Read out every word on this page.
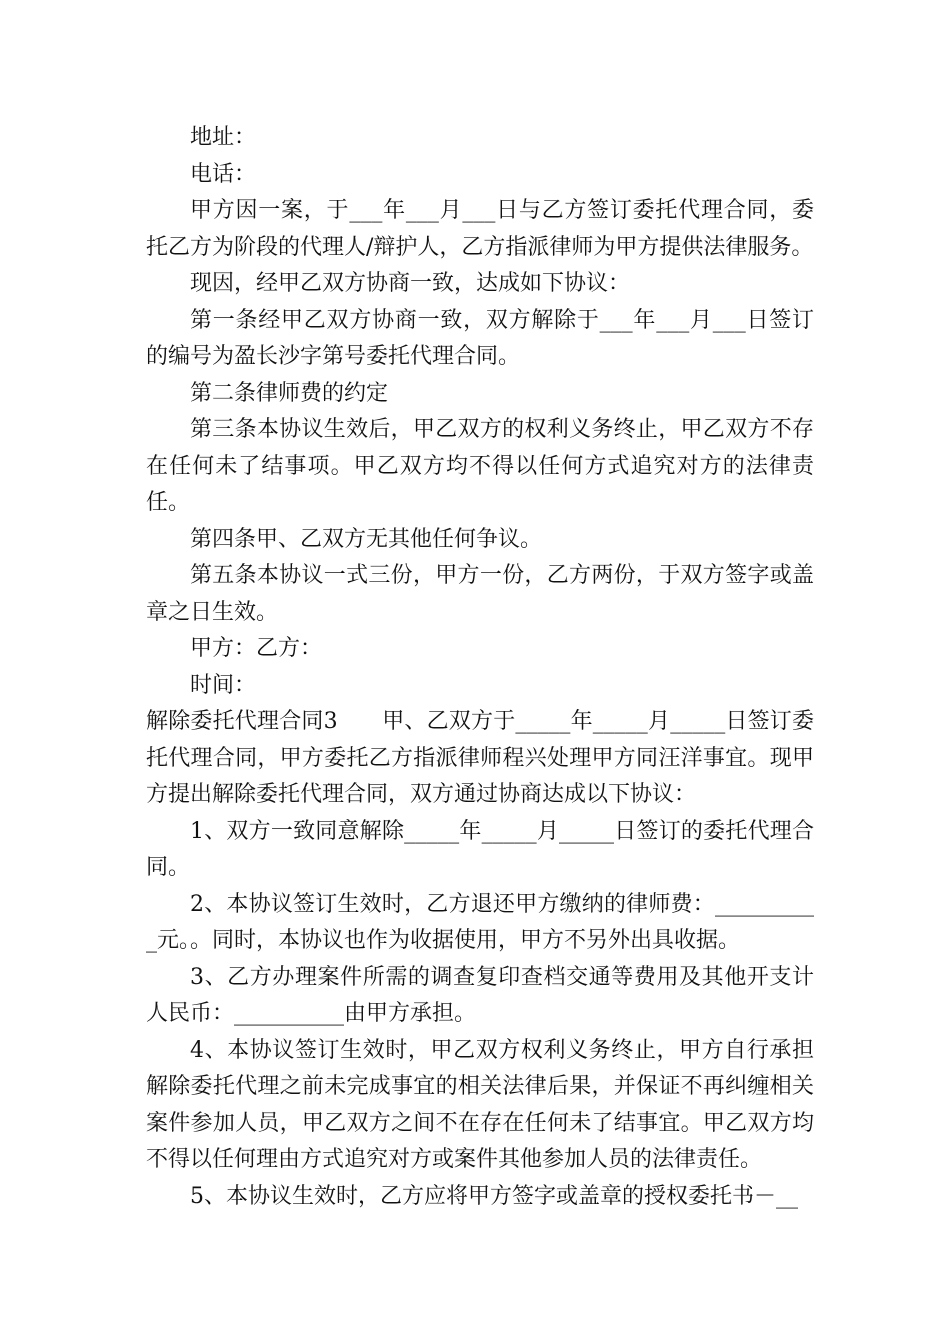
地址：

电话：

甲方因一案，于___年___月___日与乙方签订委托代理合同，委托乙方为阶段的代理人/辩护人，乙方指派律师为甲方提供法律服务。

现因，经甲乙双方协商一致，达成如下协议：

第一条经甲乙双方协商一致，双方解除于___年___月___日签订的编号为盈长沙字第号委托代理合同。

第二条律师费的约定

第三条本协议生效后，甲乙双方的权利义务终止，甲乙双方不存在任何未了结事项。甲乙双方均不得以任何方式追究对方的法律责任。

第四条甲、乙双方无其他任何争议。

第五条本协议一式三份，甲方一份，乙方两份，于双方签字或盖章之日生效。

甲方：乙方：

时间：

解除委托代理合同3　　甲、乙双方于_____年_____月_____日签订委托代理合同，甲方委托乙方指派律师程兴处理甲方同汪洋事宜。现甲方提出解除委托代理合同，双方通过协商达成以下协议：

1、双方一致同意解除_____年_____月_____日签订的委托代理合同。

2、本协议签订生效时，乙方退还甲方缴纳的律师费：__________元。。同时，本协议也作为收据使用，甲方不另外出具收据。

3、乙方办理案件所需的调查复印查档交通等费用及其他开支计人民币：__________由甲方承担。

4、本协议签订生效时，甲乙双方权利义务终止，甲方自行承担解除委托代理之前未完成事宜的相关法律后果，并保证不再纠缠相关案件参加人员，甲乙双方之间不在存在任何未了结事宜。甲乙双方均不得以任何理由方式追究对方或案件其他参加人员的法律责任。

5、本协议生效时，乙方应将甲方签字或盖章的授权委托书－__
